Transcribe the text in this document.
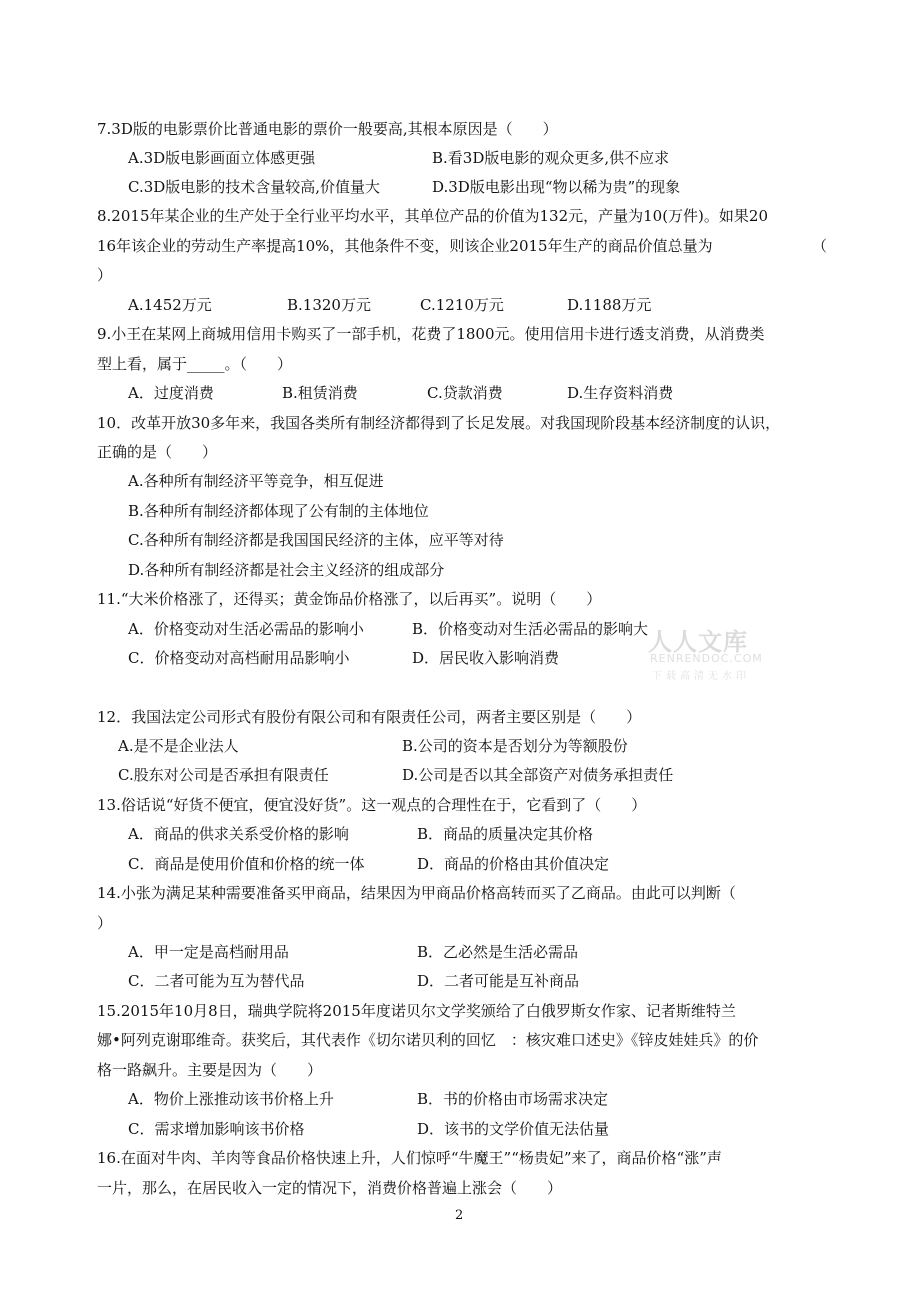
人人文库
RENRENDOC.COM
下载高清无水印
7.3D版的电影票价比普通电影的票价一般要高,其根本原因是（　　）
A.3D版电影画面立体感更强	B.看3D版电影的观众更多,供不应求
C.3D版电影的技术含量较高,价值量大	D.3D版电影出现“物以稀为贵”的现象
8.2015年某企业的生产处于全行业平均水平，其单位产品的价值为132元，产量为10(万件)。如果20
16年该企业的劳动生产率提高10%，其他条件不变，则该企业2015年生产的商品价值总量为	（
）
A.1452万元	B.1320万元	C.1210万元	D.1188万元
9.小王在某网上商城用信用卡购买了一部手机，花费了1800元。使用信用卡进行透支消费，从消费类
型上看，属于_____。（　　）
A．过度消费	B.租赁消费	C.贷款消费	D.生存资料消费
10．改革开放30多年来，我国各类所有制经济都得到了长足发展。对我国现阶段基本经济制度的认识，
正确的是（　　）
A.各种所有制经济平等竞争，相互促进
B.各种所有制经济都体现了公有制的主体地位
C.各种所有制经济都是我国国民经济的主体，应平等对待
D.各种所有制经济都是社会主义经济的组成部分
11.“大米价格涨了，还得买；黄金饰品价格涨了，以后再买”。说明（　　）
A．价格变动对生活必需品的影响小	B．价格变动对生活必需品的影响大
C．价格变动对高档耐用品影响小	D．居民收入影响消费
12．我国法定公司形式有股份有限公司和有限责任公司，两者主要区别是（　　）
A.是不是企业法人	B.公司的资本是否划分为等额股份
C.股东对公司是否承担有限责任	D.公司是否以其全部资产对债务承担责任
13.俗话说“好货不便宜，便宜没好货”。这一观点的合理性在于，它看到了（　　）
A．商品的供求关系受价格的影响	B．商品的质量决定其价格
C．商品是使用价值和价格的统一体	D．商品的价格由其价值决定
14.小张为满足某种需要准备买甲商品，结果因为甲商品价格高转而买了乙商品。由此可以判断（
）
A．甲一定是高档耐用品	B．乙必然是生活必需品
C．二者可能为互为替代品	D．二者可能是互补商品
15.2015年10月8日，瑞典学院将2015年度诺贝尔文学奖颁给了白俄罗斯女作家、记者斯维特兰
娜•阿列克谢耶维奇。获奖后，其代表作《切尔诺贝利的回忆　：核灾难口述史》《锌皮娃娃兵》的价
格一路飙升。主要是因为（　　）
A．物价上涨推动该书价格上升	B．书的价格由市场需求决定
C．需求增加影响该书价格	D．该书的文学价值无法估量
16.在面对牛肉、羊肉等食品价格快速上升，人们惊呼“牛魔王”“杨贵妃”来了，商品价格“涨”声
一片，那么，在居民收入一定的情况下，消费价格普遍上涨会（　　）
2
